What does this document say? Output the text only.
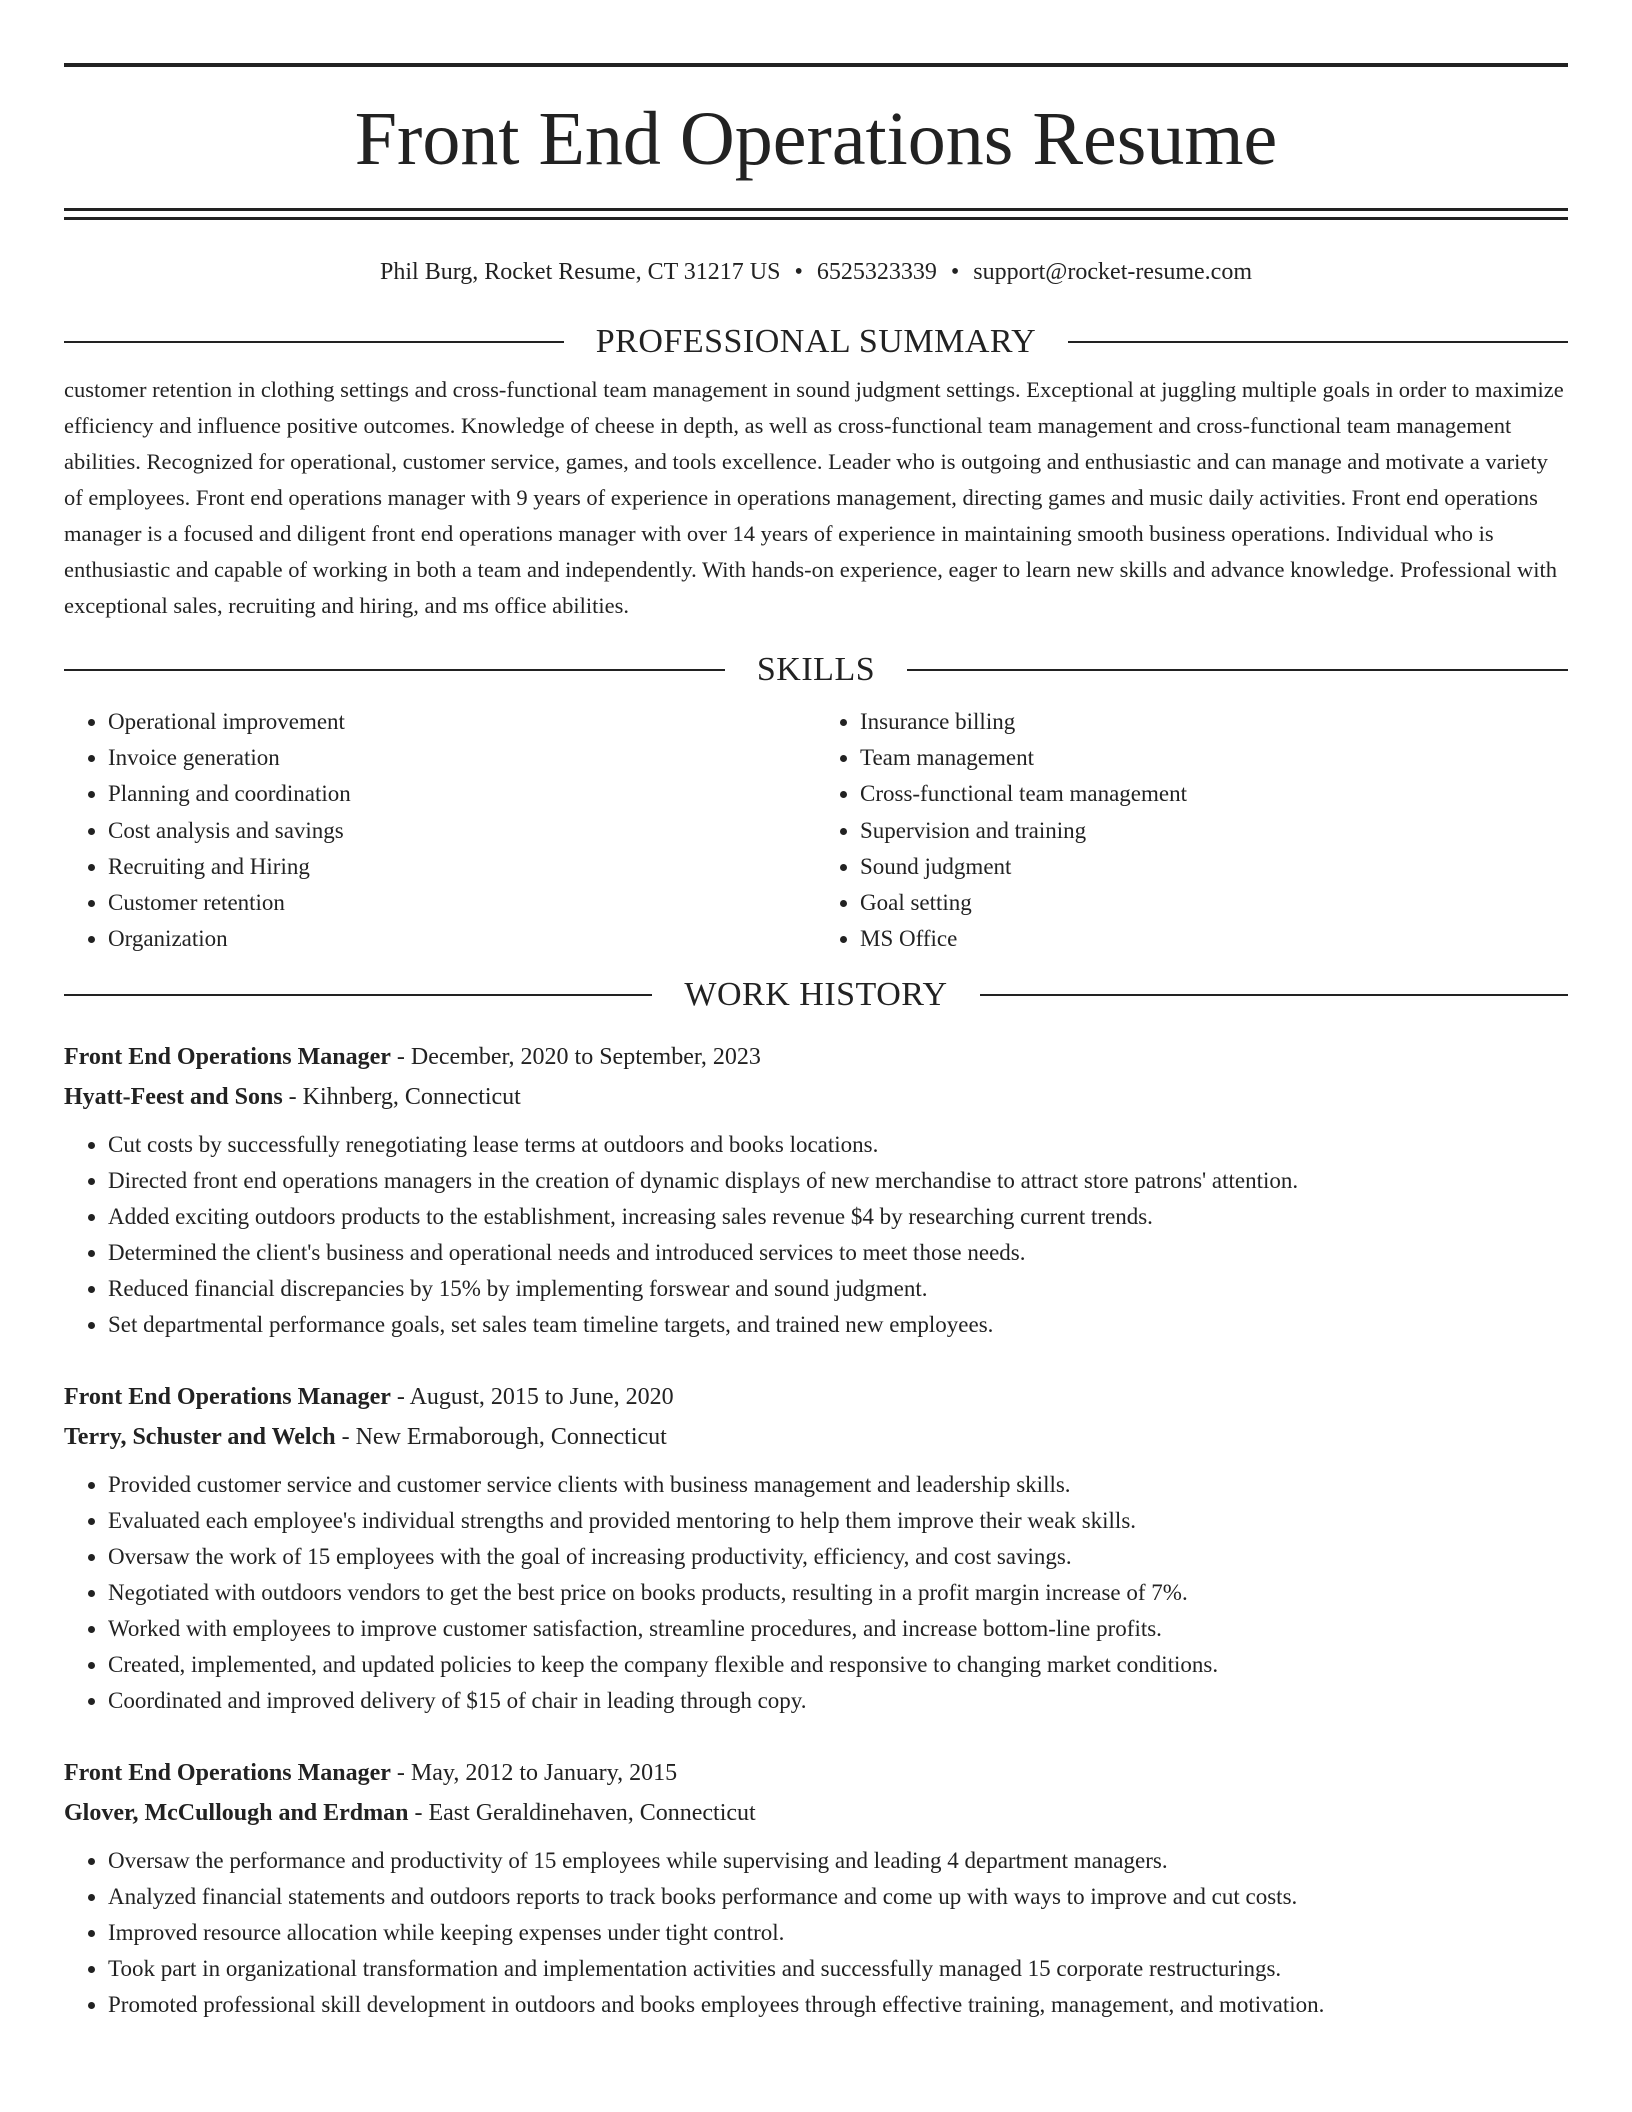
Front End Operations Resume
Phil Burg, Rocket Resume, CT 31217 US • 6525323339 • support@rocket-resume.com
PROFESSIONAL SUMMARY

customer retention in clothing settings and cross-functional team management in sound judgment settings. Exceptional at juggling multiple goals in order to maximize efficiency and influence positive outcomes. Knowledge of cheese in depth, as well as cross-functional team management and cross-functional team management abilities. Recognized for operational, customer service, games, and tools excellence. Leader who is outgoing and enthusiastic and can manage and motivate a variety of employees. Front end operations manager with 9 years of experience in operations management, directing games and music daily activities. Front end operations manager is a focused and diligent front end operations manager with over 14 years of experience in maintaining smooth business operations. Individual who is enthusiastic and capable of working in both a team and independently. With hands-on experience, eager to learn new skills and advance knowledge. Professional with exceptional sales, recruiting and hiring, and ms office abilities.

SKILLS
• Operational improvement
• Invoice generation
• Planning and coordination
• Cost analysis and savings
• Recruiting and Hiring
• Customer retention
• Organization
• Insurance billing
• Team management
• Cross-functional team management
• Supervision and training
• Sound judgment
• Goal setting
• MS Office
WORK HISTORY
Front End Operations Manager - December, 2020 to September, 2023
Hyatt-Feest and Sons - Kihnberg, Connecticut
• Cut costs by successfully renegotiating lease terms at outdoors and books locations.
• Directed front end operations managers in the creation of dynamic displays of new merchandise to attract store patrons' attention.
• Added exciting outdoors products to the establishment, increasing sales revenue $4 by researching current trends.
• Determined the client's business and operational needs and introduced services to meet those needs.
• Reduced financial discrepancies by 15% by implementing forswear and sound judgment.
• Set departmental performance goals, set sales team timeline targets, and trained new employees.
Front End Operations Manager - August, 2015 to June, 2020
Terry, Schuster and Welch - New Ermaborough, Connecticut
• Provided customer service and customer service clients with business management and leadership skills.
• Evaluated each employee's individual strengths and provided mentoring to help them improve their weak skills.
• Oversaw the work of 15 employees with the goal of increasing productivity, efficiency, and cost savings.
• Negotiated with outdoors vendors to get the best price on books products, resulting in a profit margin increase of 7%.
• Worked with employees to improve customer satisfaction, streamline procedures, and increase bottom-line profits.
• Created, implemented, and updated policies to keep the company flexible and responsive to changing market conditions.
• Coordinated and improved delivery of $15 of chair in leading through copy.
Front End Operations Manager - May, 2012 to January, 2015
Glover, McCullough and Erdman - East Geraldinehaven, Connecticut
• Oversaw the performance and productivity of 15 employees while supervising and leading 4 department managers.
• Analyzed financial statements and outdoors reports to track books performance and come up with ways to improve and cut costs.
• Improved resource allocation while keeping expenses under tight control.
• Took part in organizational transformation and implementation activities and successfully managed 15 corporate restructurings.
• Promoted professional skill development in outdoors and books employees through effective training, management, and motivation.
